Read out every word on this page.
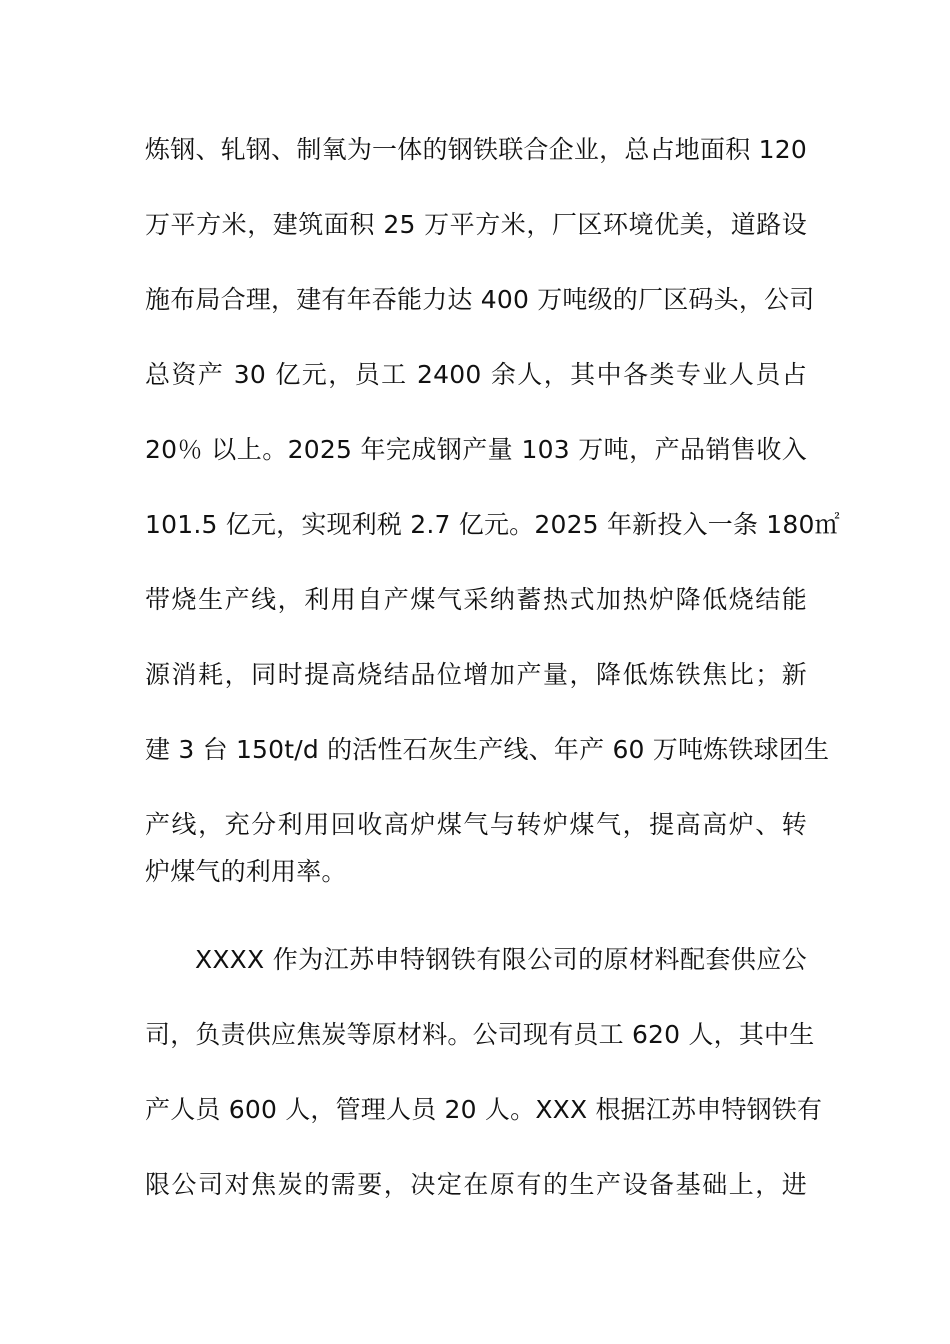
炼钢、轧钢、制氧为一体的钢铁联合企业，总占地面积 120
万平方米，建筑面积 25 万平方米，厂区环境优美，道路设
施布局合理，建有年吞能力达 400 万吨级的厂区码头，公司
总资产 30 亿元，员工 2400 余人，其中各类专业人员占
20％ 以上。2025 年完成钢产量 103 万吨，产品销售收入
101.5 亿元，实现利税 2.7 亿元。2025 年新投入一条 180㎡
带烧生产线，利用自产煤气采纳蓄热式加热炉降低烧结能
源消耗，同时提高烧结品位增加产量，降低炼铁焦比；新
建 3 台 150t/d 的活性石灰生产线、年产 60 万吨炼铁球团生
产线，充分利用回收高炉煤气与转炉煤气，提高高炉、转
炉煤气的利用率。
XXXX 作为江苏申特钢铁有限公司的原材料配套供应公
司，负责供应焦炭等原材料。公司现有员工 620 人，其中生
产人员 600 人，管理人员 20 人。XXX 根据江苏申特钢铁有
限公司对焦炭的需要，决定在原有的生产设备基础上，进
